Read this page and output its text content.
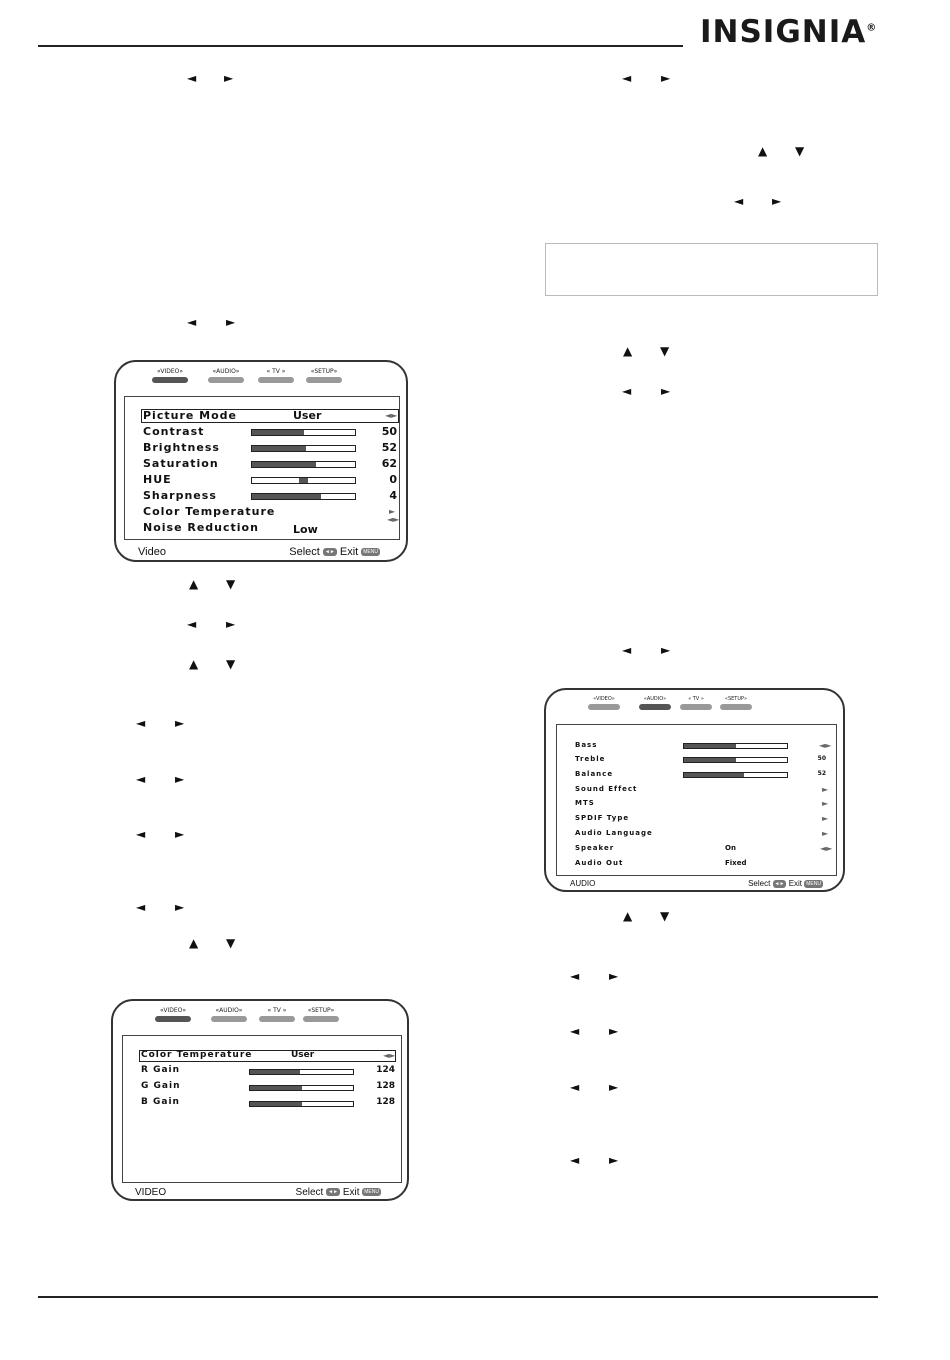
INSIGNIA®
◄ ►
◄ ►
▲ ▼
◄ ►
▲ ▼
◄ ►
◄ ►
◄ ►
◄ ►
▲ ▼
◄ ►
▲ ▼
◄ ►
▲ ▼
◄ ►
◄ ►
▲ ▼
◄ ►
◄ ►
◄ ►
◄ ►
«VIDEO»	«AUDIO»	« TV »	«SETUP»
Picture Mode	User	◄►
Contrast	50
Brightness	52
Saturation	62
HUE	0
Sharpness	4
Color Temperature	►
Noise Reduction	Low
◄►
Video	Select ◄► Exit MENU
«VIDEO»	«AUDIO»	« TV »	«SETUP»
Color Temperature	User	◄►
R Gain	124
G Gain	128
B Gain	128
VIDEO	Select ◄► Exit MENU
«VIDEO»	«AUDIO»	« TV »	«SETUP»
Bass	◄►
Treble	50
Balance	52
Sound Effect	►
MTS	►
SPDIF Type	►
Audio Language	►
Speaker	On	◄►
Audio Out	Fixed
AUDIO	Select ◄► Exit MENU
